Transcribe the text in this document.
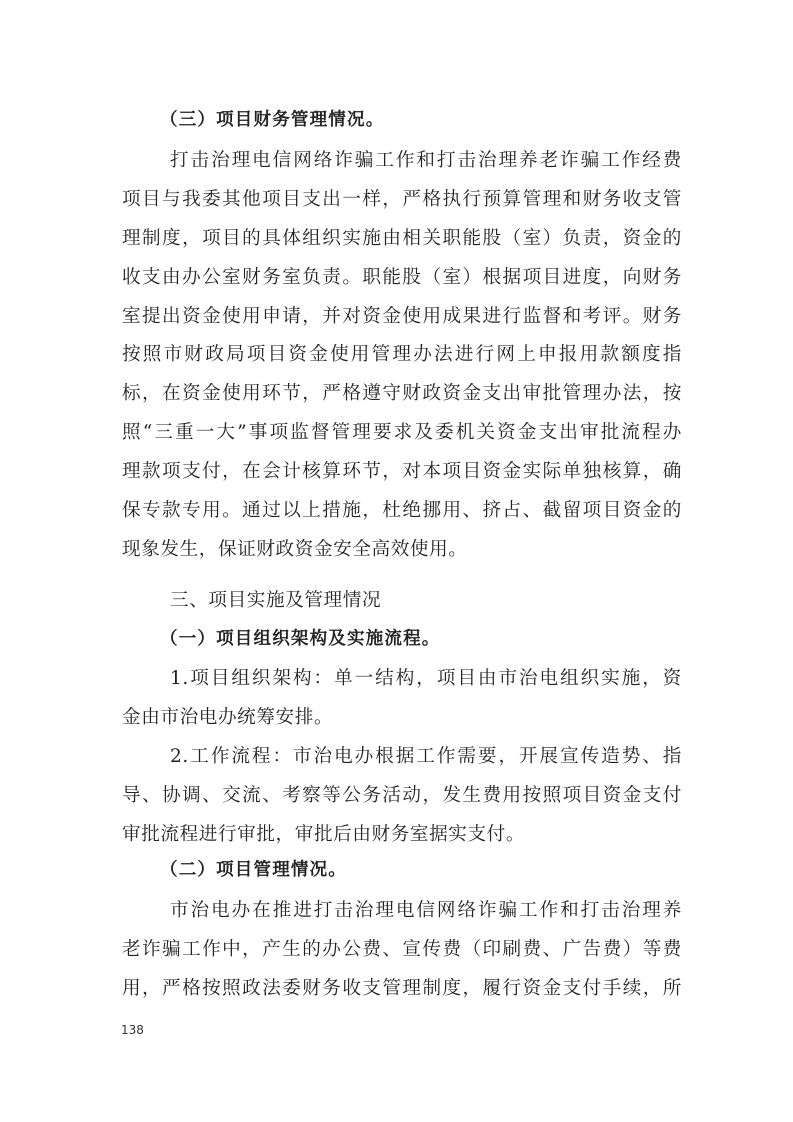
（三）项目财务管理情况。
打击治理电信网络诈骗工作和打击治理养老诈骗工作经费
项目与我委其他项目支出一样，严格执行预算管理和财务收支管
理制度，项目的具体组织实施由相关职能股（室）负责，资金的
收支由办公室财务室负责。职能股（室）根据项目进度，向财务
室提出资金使用申请，并对资金使用成果进行监督和考评。财务
按照市财政局项目资金使用管理办法进行网上申报用款额度指
标，在资金使用环节，严格遵守财政资金支出审批管理办法，按
照“三重一大”事项监督管理要求及委机关资金支出审批流程办
理款项支付，在会计核算环节，对本项目资金实际单独核算，确
保专款专用。通过以上措施，杜绝挪用、挤占、截留项目资金的
现象发生，保证财政资金安全高效使用。
三、项目实施及管理情况
（一）项目组织架构及实施流程。
1.项目组织架构：单一结构，项目由市治电组织实施，资
金由市治电办统筹安排。
2.工作流程：市治电办根据工作需要，开展宣传造势、指
导、协调、交流、考察等公务活动，发生费用按照项目资金支付
审批流程进行审批，审批后由财务室据实支付。
（二）项目管理情况。
市治电办在推进打击治理电信网络诈骗工作和打击治理养
老诈骗工作中，产生的办公费、宣传费（印刷费、广告费）等费
用，严格按照政法委财务收支管理制度，履行资金支付手续，所
138
